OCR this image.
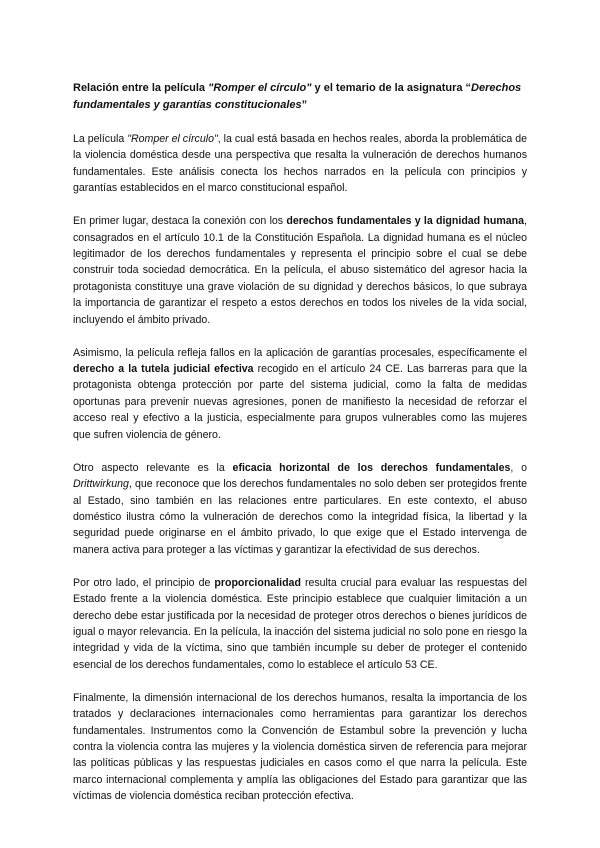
Relación entre la película "Romper el círculo" y el temario de la asignatura “Derechos fundamentales y garantías constitucionales”

La película "Romper el círculo", la cual está basada en hechos reales, aborda la problemática de la violencia doméstica desde una perspectiva que resalta la vulneración de derechos humanos fundamentales. Este análisis conecta los hechos narrados en la película con principios y garantías establecidos en el marco constitucional español.

En primer lugar, destaca la conexión con los derechos fundamentales y la dignidad humana, consagrados en el artículo 10.1 de la Constitución Española. La dignidad humana es el núcleo legitimador de los derechos fundamentales y representa el principio sobre el cual se debe construir toda sociedad democrática. En la película, el abuso sistemático del agresor hacia la protagonista constituye una grave violación de su dignidad y derechos básicos, lo que subraya la importancia de garantizar el respeto a estos derechos en todos los niveles de la vida social, incluyendo el ámbito privado.

Asimismo, la película refleja fallos en la aplicación de garantías procesales, específicamente el derecho a la tutela judicial efectiva recogido en el artículo 24 CE. Las barreras para que la protagonista obtenga protección por parte del sistema judicial, como la falta de medidas oportunas para prevenir nuevas agresiones, ponen de manifiesto la necesidad de reforzar el acceso real y efectivo a la justicia, especialmente para grupos vulnerables como las mujeres que sufren violencia de género.

Otro aspecto relevante es la eficacia horizontal de los derechos fundamentales, o Drittwirkung, que reconoce que los derechos fundamentales no solo deben ser protegidos frente al Estado, sino también en las relaciones entre particulares. En este contexto, el abuso doméstico ilustra cómo la vulneración de derechos como la integridad física, la libertad y la seguridad puede originarse en el ámbito privado, lo que exige que el Estado intervenga de manera activa para proteger a las víctimas y garantizar la efectividad de sus derechos.

Por otro lado, el principio de proporcionalidad resulta crucial para evaluar las respuestas del Estado frente a la violencia doméstica. Este principio establece que cualquier limitación a un derecho debe estar justificada por la necesidad de proteger otros derechos o bienes jurídicos de igual o mayor relevancia. En la película, la inacción del sistema judicial no solo pone en riesgo la integridad y vida de la víctima, sino que también incumple su deber de proteger el contenido esencial de los derechos fundamentales, como lo establece el artículo 53 CE.

Finalmente, la dimensión internacional de los derechos humanos, resalta la importancia de los tratados y declaraciones internacionales como herramientas para garantizar los derechos fundamentales. Instrumentos como la Convención de Estambul sobre la prevención y lucha contra la violencia contra las mujeres y la violencia doméstica sirven de referencia para mejorar las políticas públicas y las respuestas judiciales en casos como el que narra la película. Este marco internacional complementa y amplía las obligaciones del Estado para garantizar que las víctimas de violencia doméstica reciban protección efectiva.
